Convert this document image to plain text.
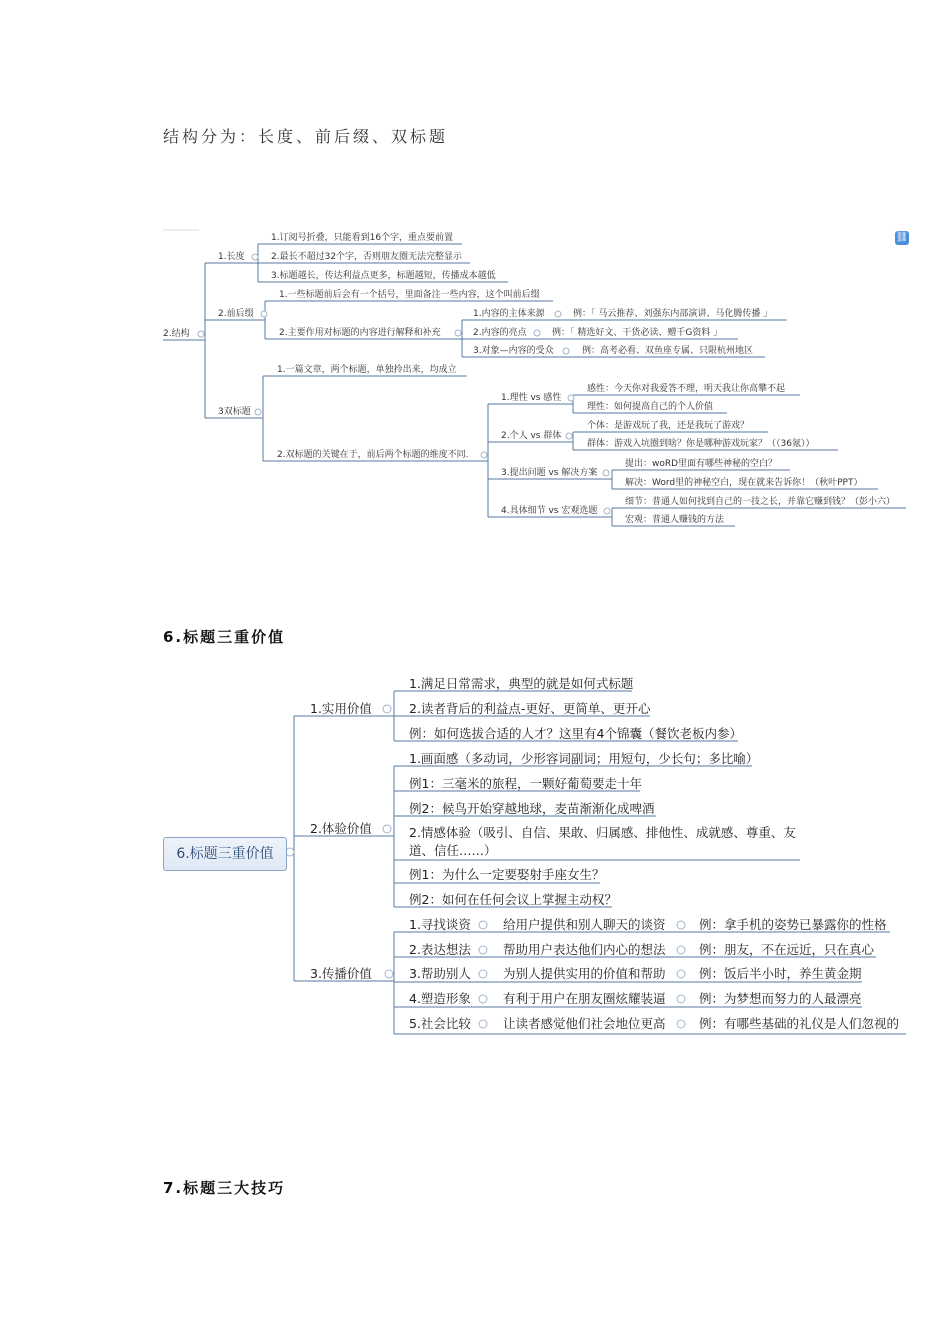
结构分为：长度、前后缀、双标题
⛓
2.结构
1.长度
1.订阅号折叠，只能看到16个字，重点要前置
2.最长不超过32个字，否则朋友圈无法完整显示
3.标题越长，传达利益点更多，标题越短，传播成本越低
2.前后缀
1.一些标题前后会有一个括号，里面备注一些内容，这个叫前后缀
2.主要作用对标题的内容进行解释和补充
1.内容的主体来源	例：「 马云推荐、刘强东内部演讲、马化腾传播 」
2.内容的亮点	例：「 精选好文、干货必读、赠千G资料 」
3.对象—内容的受众	例：高考必看、双鱼座专属、只限杭州地区
3双标题
1.一篇文章，两个标题，单独拎出来，均成立
2.双标题的关键在于，前后两个标题的维度不同.
1.理性 vs 感性
感性：今天你对我爱答不理，明天我让你高攀不起
理性：如何提高自己的个人价值
2.个人 vs 群体
个体：是游戏玩了我，还是我玩了游戏？
群体：游戏入坑圈到啥？你是哪种游戏玩家？（（36氪））
3.提出问题 vs 解决方案
提出：woRD里面有哪些神秘的空白？
解决：Word里的神秘空白，现在就来告诉你！（秋叶PPT）
4.具体细节 vs 宏观选题
细节：普通人如何找到自己的一技之长，并靠它赚到钱？（彭小六）
宏观：普通人赚钱的方法
6.标题三重价值
6.标题三重价值
1.实用价值
1.满足日常需求，典型的就是如何式标题
2.读者背后的利益点-更好、更简单、更开心
例：如何选拔合适的人才？这里有4个锦囊（餐饮老板内参）
2.体验价值
1.画面感（多动词，少形容词副词；用短句，少长句；多比喻）
例1：三毫米的旅程，一颗好葡萄要走十年
例2：候鸟开始穿越地球，麦苗渐渐化成啤酒
2.情感体验（吸引、自信、果敢、归属感、排他性、成就感、尊重、友
道、信任……）
例1：为什么一定要娶射手座女生？
例2：如何在任何会议上掌握主动权？
3.传播价值
1.寻找谈资	给用户提供和别人聊天的谈资	例：拿手机的姿势已暴露你的性格
2.表达想法	帮助用户表达他们内心的想法	例：朋友，不在远近，只在真心
3.帮助别人	为别人提供实用的价值和帮助	例：饭后半小时，养生黄金期
4.塑造形象	有利于用户在朋友圈炫耀装逼	例：为梦想而努力的人最漂亮
5.社会比较	让读者感觉他们社会地位更高	例：有哪些基础的礼仪是人们忽视的
7.标题三大技巧
